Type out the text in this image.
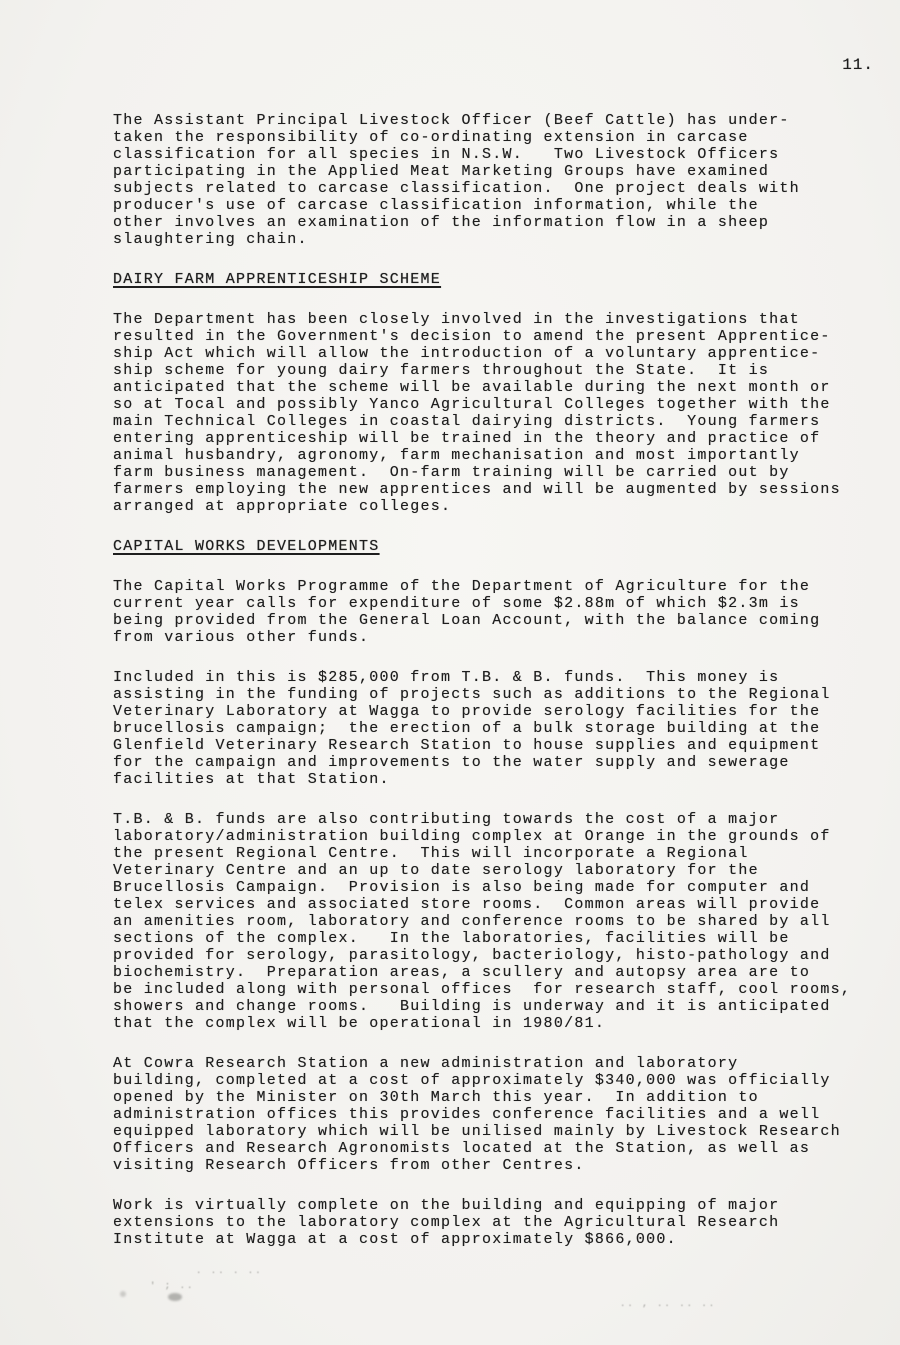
11.

The Assistant Principal Livestock Officer (Beef Cattle) has under-
taken the responsibility of co-ordinating extension in carcase
classification for all species in N.S.W.   Two Livestock Officers
participating in the Applied Meat Marketing Groups have examined
subjects related to carcase classification.  One project deals with
producer's use of carcase classification information, while the
other involves an examination of the information flow in a sheep
slaughtering chain.

DAIRY FARM APPRENTICESHIP SCHEME

The Department has been closely involved in the investigations that
resulted in the Government's decision to amend the present Apprentice-
ship Act which will allow the introduction of a voluntary apprentice-
ship scheme for young dairy farmers throughout the State.  It is
anticipated that the scheme will be available during the next month or
so at Tocal and possibly Yanco Agricultural Colleges together with the
main Technical Colleges in coastal dairying districts.  Young farmers
entering apprenticeship will be trained in the theory and practice of
animal husbandry, agronomy, farm mechanisation and most importantly
farm business management.  On-farm training will be carried out by
farmers employing the new apprentices and will be augmented by sessions
arranged at appropriate colleges.

CAPITAL WORKS DEVELOPMENTS

The Capital Works Programme of the Department of Agriculture for the
current year calls for expenditure of some $2.88m of which $2.3m is
being provided from the General Loan Account, with the balance coming
from various other funds.

Included in this is $285,000 from T.B. & B. funds.  This money is
assisting in the funding of projects such as additions to the Regional
Veterinary Laboratory at Wagga to provide serology facilities for the
brucellosis campaign;  the erection of a bulk storage building at the
Glenfield Veterinary Research Station to house supplies and equipment
for the campaign and improvements to the water supply and sewerage
facilities at that Station.

T.B. & B. funds are also contributing towards the cost of a major
laboratory/administration building complex at Orange in the grounds of
the present Regional Centre.  This will incorporate a Regional
Veterinary Centre and an up to date serology laboratory for the
Brucellosis Campaign.  Provision is also being made for computer and
telex services and associated store rooms.  Common areas will provide
an amenities room, laboratory and conference rooms to be shared by all
sections of the complex.   In the laboratories, facilities will be
provided for serology, parasitology, bacteriology, histo-pathology and
biochemistry.  Preparation areas, a scullery and autopsy area are to
be included along with personal offices  for research staff, cool rooms,
showers and change rooms.   Building is underway and it is anticipated
that the complex will be operational in 1980/81.

At Cowra Research Station a new administration and laboratory
building, completed at a cost of approximately $340,000 was officially
opened by the Minister on 30th March this year.  In addition to
administration offices this provides conference facilities and a well
equipped laboratory which will be unilised mainly by Livestock Research
Officers and Research Agronomists located at the Station, as well as
visiting Research Officers from other Centres.

Work is virtually complete on the building and equipping of major
extensions to the laboratory complex at the Agricultural Research
Institute at Wagga at a cost of approximately $866,000.

. .. . ..
.. , .. .. ..
' ; ..
